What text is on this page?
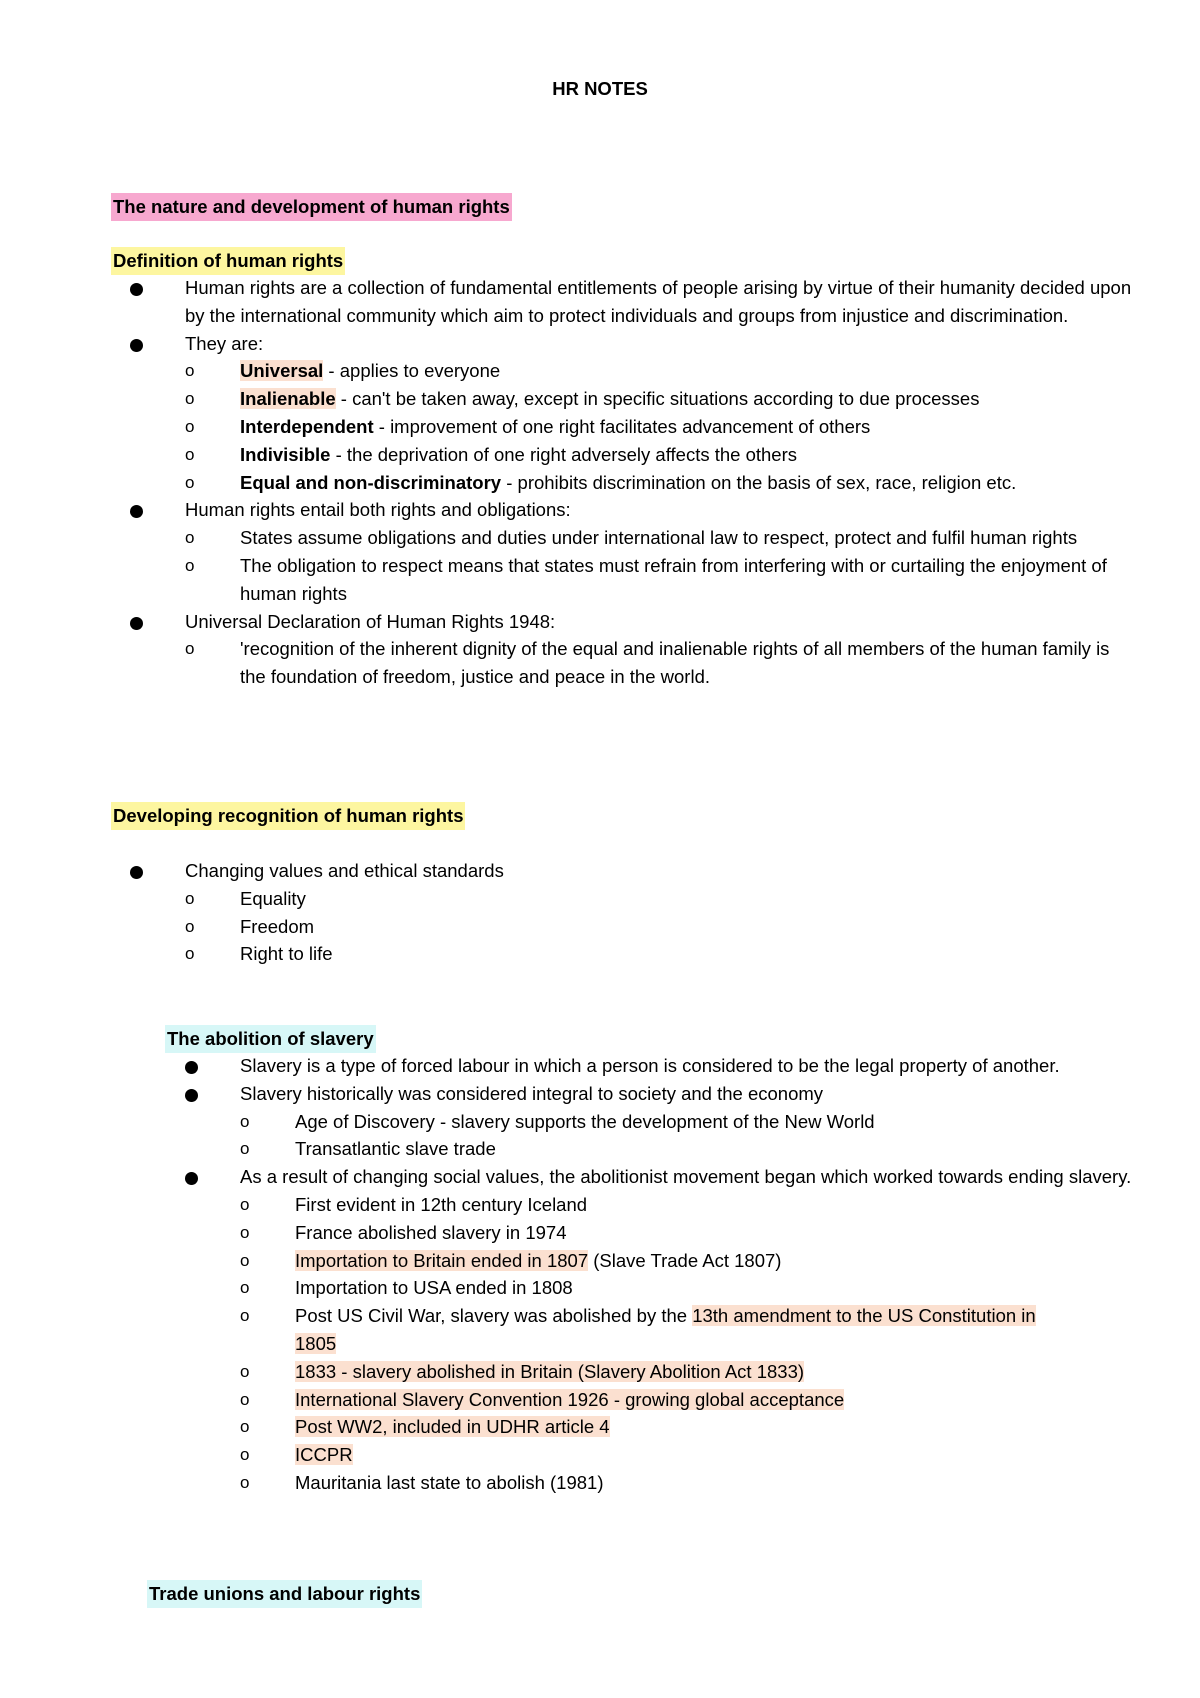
HR NOTES
The nature and development of human rights
Definition of human rights
Human rights are a collection of fundamental entitlements of people arising by virtue of their humanity decided upon by the international community which aim to protect individuals and groups from injustice and discrimination.
They are:
o Universal - applies to everyone
o Inalienable - can't be taken away, except in specific situations according to due processes
o Interdependent - improvement of one right facilitates advancement of others
o Indivisible - the deprivation of one right adversely affects the others
o Equal and non-discriminatory - prohibits discrimination on the basis of sex, race, religion etc.
Human rights entail both rights and obligations:
o States assume obligations and duties under international law to respect, protect and fulfil human rights
o The obligation to respect means that states must refrain from interfering with or curtailing the enjoyment of human rights
Universal Declaration of Human Rights 1948:
o 'recognition of the inherent dignity of the equal and inalienable rights of all members of the human family is the foundation of freedom, justice and peace in the world.
Developing recognition of human rights
Changing values and ethical standards
o Equality
o Freedom
o Right to life
The abolition of slavery
Slavery is a type of forced labour in which a person is considered to be the legal property of another.
Slavery historically was considered integral to society and the economy
o Age of Discovery - slavery supports the development of the New World
o Transatlantic slave trade
As a result of changing social values, the abolitionist movement began which worked towards ending slavery.
o First evident in 12th century Iceland
o France abolished slavery in 1974
o Importation to Britain ended in 1807 (Slave Trade Act 1807)
o Importation to USA ended in 1808
o Post US Civil War, slavery was abolished by the 13th amendment to the US Constitution in
1805
o 1833 - slavery abolished in Britain (Slavery Abolition Act 1833)
o International Slavery Convention 1926 - growing global acceptance
o Post WW2, included in UDHR article 4
o ICCPR
o Mauritania last state to abolish (1981)
Trade unions and labour rights
